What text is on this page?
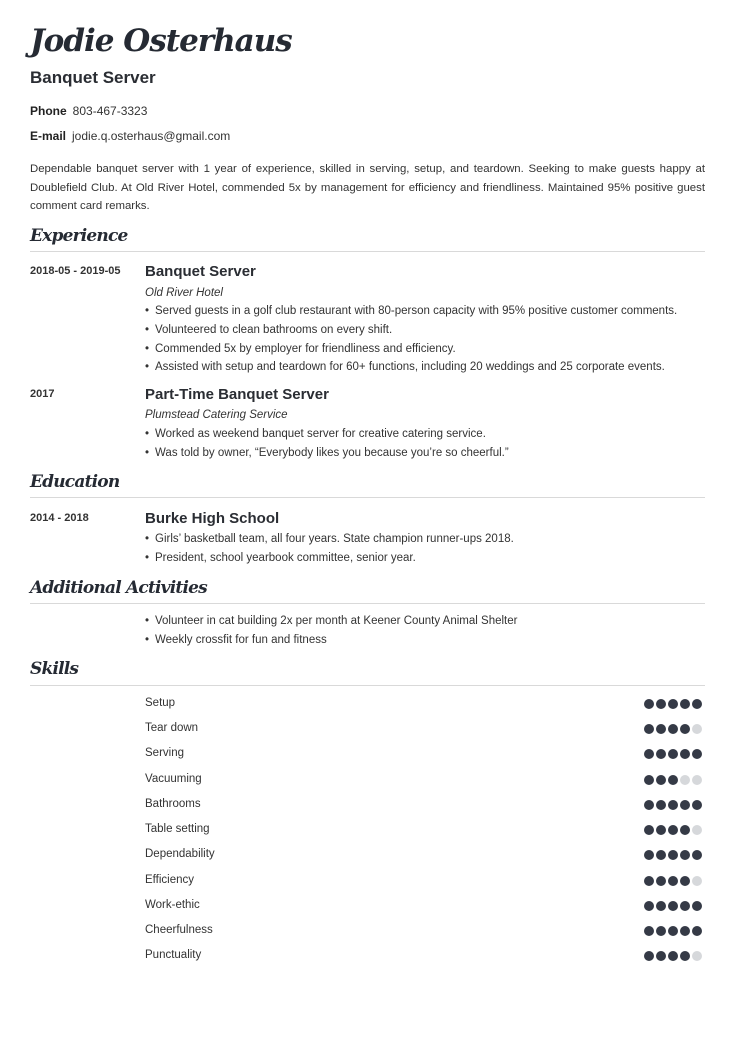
Jodie Osterhaus
Banquet Server
Phone 803-467-3323
E-mail jodie.q.osterhaus@gmail.com

Dependable banquet server with 1 year of experience, skilled in serving, setup, and teardown. Seeking to make guests happy at Doublefield Club. At Old River Hotel, commended 5x by management for efficiency and friendliness. Maintained 95% positive guest comment card remarks.

Experience
2018-05 - 2019-05 Banquet Server
Old River Hotel
• Served guests in a golf club restaurant with 80-person capacity with 95% positive customer comments.
• Volunteered to clean bathrooms on every shift.
• Commended 5x by employer for friendliness and efficiency.
• Assisted with setup and teardown for 60+ functions, including 20 weddings and 25 corporate events.
2017	Part-Time Banquet Server
Plumstead Catering Service
• Worked as weekend banquet server for creative catering service.
• Was told by owner, “Everybody likes you because you’re so cheerful.”
Education
2014 - 2018	Burke High School
• Girls’ basketball team, all four years. State champion runner-ups 2018.
• President, school yearbook committee, senior year.
Additional Activities
• Volunteer in cat building 2x per month at Keener County Animal Shelter
• Weekly crossfit for fun and fitness
Skills
Setup
Tear down
Serving
Vacuuming
Bathrooms
Table setting
Dependability
Efficiency
Work-ethic
Cheerfulness
Punctuality
